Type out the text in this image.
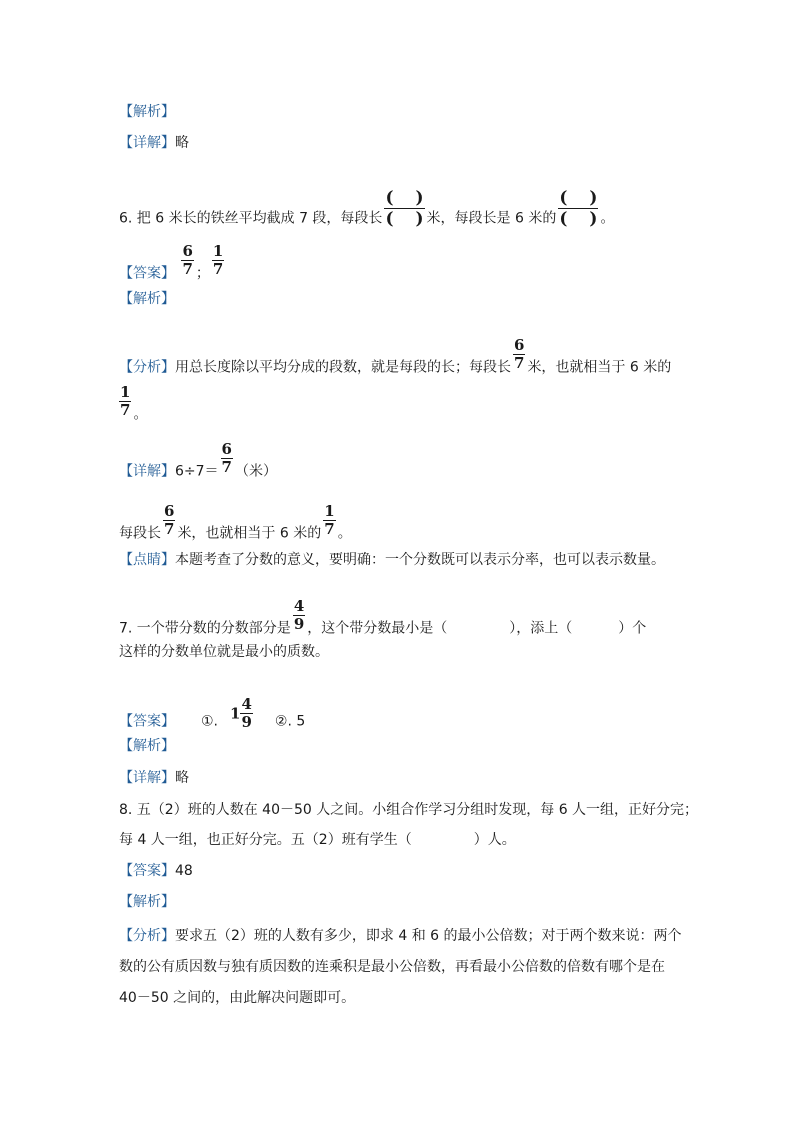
【解析】
【详解】略
6. 把 6 米长的铁丝平均截成 7 段，每段长 $\frac{( )}{( )}$ 米，每段长是 6 米的 $\frac{( )}{( )}$ 。
【答案】 $\frac{6}{7}$ ； $\frac{1}{7}$
【解析】
【分析】用总长度除以平均分成的段数，就是每段的长；每段长 $\frac{6}{7}$ 米，也就相当于 6 米的
$\frac{1}{7}$ 。
【详解】$6\div 7= \frac{6}{7}$ （米）
每段长 $\frac{6}{7}$ 米，也就相当于 6 米的 $\frac{1}{7}$ 。
【点睛】本题考查了分数的意义，要明确：一个分数既可以表示分率，也可以表示数量。
7. 一个带分数的分数部分是 $\frac{4}{9}$ ，这个带分数最小是（	），添上（	）个
这样的分数单位就是最小的质数。
【答案】 ①. $1 \frac{4}{9}$ ②. 5
【解析】
【详解】略
8. 五（2）班的人数在 40－50 人之间。小组合作学习分组时发现，每 6 人一组，正好分完；
每 4 人一组，也正好分完。五（2）班有学生（	）人。
【答案】48
【解析】
【分析】要求五（2）班的人数有多少，即求 4 和 6 的最小公倍数；对于两个数来说：两个
数的公有质因数与独有质因数的连乘积是最小公倍数，再看最小公倍数的倍数有哪个是在
40－50 之间的，由此解决问题即可。
